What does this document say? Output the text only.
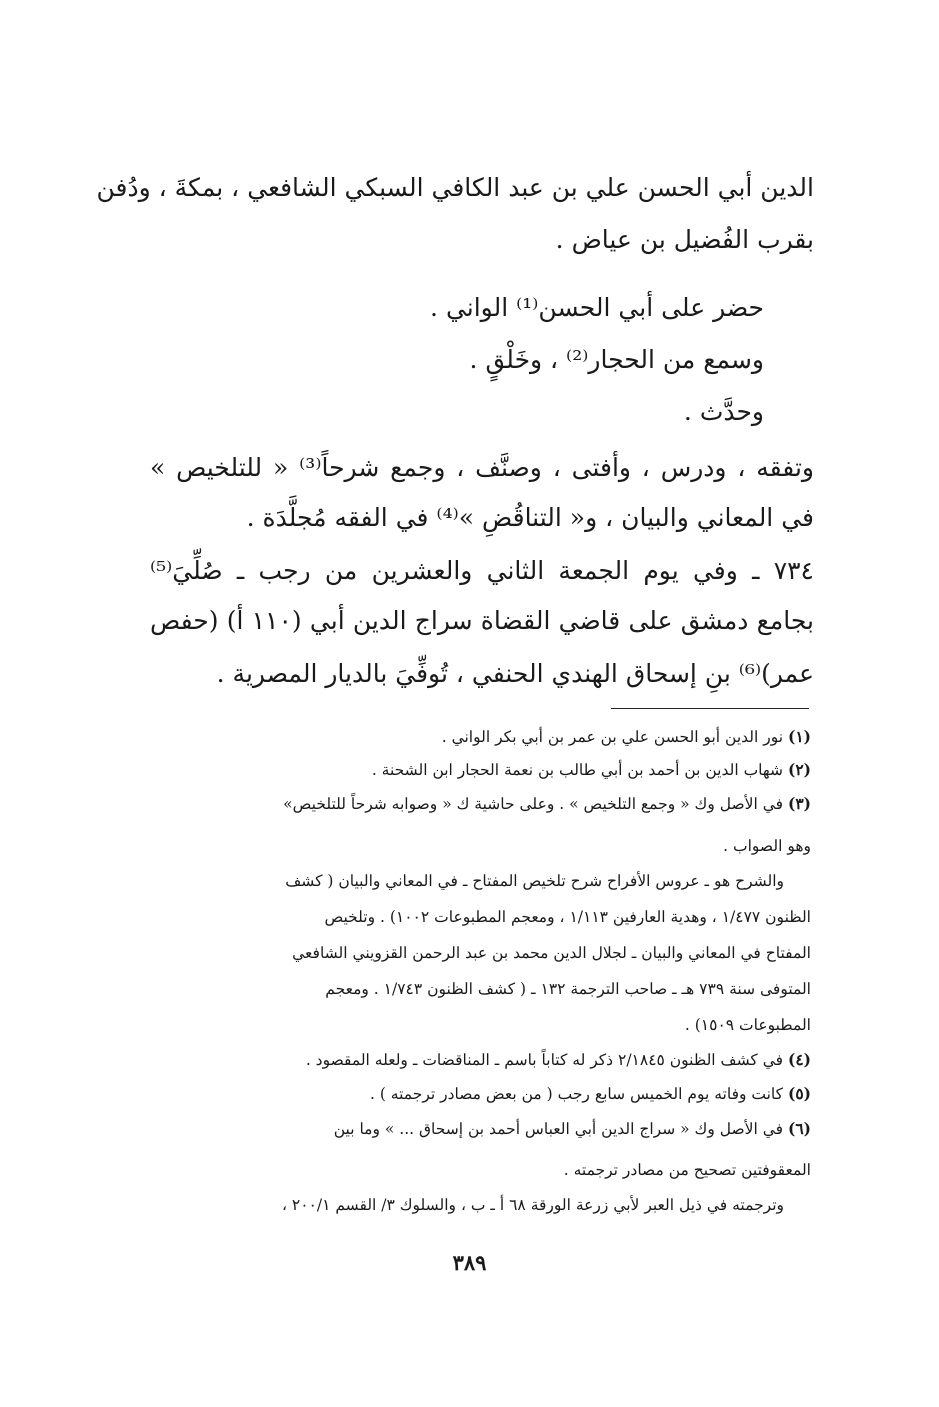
الدين أبي الحسن علي بن عبد الكافي السبكي الشافعي ، بمكةَ ، ودُفن
بقرب الفُضيل بن عياض .
حضر على أبي الحسن⁽¹⁾ الواني .
وسمع من الحجار⁽²⁾ ، وخَلْقٍ .
وحدَّث .
وتفقه ، ودرس ، وأفتى ، وصنَّف ، وجمع شرحاً⁽³⁾ « للتلخيص »
في المعاني والبيان ، و« التناقُضِ »⁽⁴⁾ في الفقه مُجلَّدَة .
٧٣٤ ـ وفي يوم الجمعة الثاني والعشرين من رجب ـ صُلِّيَ⁽⁵⁾
بجامع دمشق على قاضي القضاة سراج الدين أبي (١١٠ أ) (حفص
عمر)⁽⁶⁾ بنِ إسحاق الهندي الحنفي ، تُوفِّيَ بالديار المصرية .
(١) نور الدين أبو الحسن علي بن عمر بن أبي بكر الواني .
(٢) شهاب الدين بن أحمد بن أبي طالب بن نعمة الحجار ابن الشحنة .
(٣) في الأصل وك « وجمع التلخيص » . وعلى حاشية ك « وصوابه شرحاً للتلخيص»
وهو الصواب .
والشرح هو ـ عروس الأفراح شرح تلخيص المفتاح ـ في المعاني والبيان ( كشف
الظنون ١/٤٧٧ ، وهدية العارفين ١/١١٣ ، ومعجم المطبوعات ١٠٠٢) . وتلخيص
المفتاح في المعاني والبيان ـ لجلال الدين محمد بن عبد الرحمن القزويني الشافعي
المتوفى سنة ٧٣٩ هـ ـ صاحب الترجمة ١٣٢ ـ ( كشف الظنون ١/٧٤٣ . ومعجم
المطبوعات ١٥٠٩) .
(٤) في كشف الظنون ٢/١٨٤٥ ذكر له كتاباً باسم ـ المناقضات ـ ولعله المقصود .
(٥) كانت وفاته يوم الخميس سابع رجب ( من بعض مصادر ترجمته ) .
(٦) في الأصل وك « سراج الدين أبي العباس أحمد بن إسحاق ... » وما بين
المعقوفتين تصحيح من مصادر ترجمته .
وترجمته في ذيل العبر لأبي زرعة الورقة ٦٨ أ ـ ب ، والسلوك ٣/ القسم ٢٠٠/١ ،
٣٨٩
